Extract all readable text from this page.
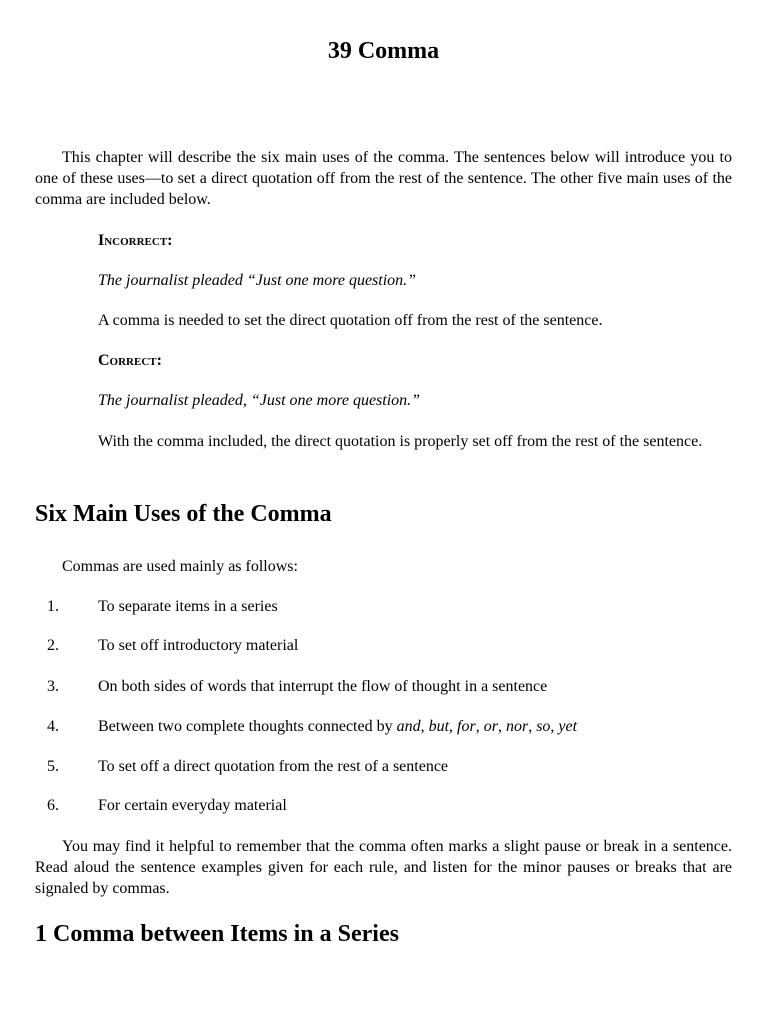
39 Comma

This chapter will describe the six main uses of the comma. The sentences below will introduce you to one of these uses—to set a direct quotation off from the rest of the sentence. The other five main uses of the comma are included below.

Incorrect:

The journalist pleaded “Just one more question.”

A comma is needed to set the direct quotation off from the rest of the sentence.

Correct:

The journalist pleaded, “Just one more question.”

With the comma included, the direct quotation is properly set off from the rest of the sentence.

Six Main Uses of the Comma

Commas are used mainly as follows:

1.	To separate items in a series
2.	To set off introductory material
3.	On both sides of words that interrupt the flow of thought in a sentence
4.	Between two complete thoughts connected by and, but, for, or, nor, so, yet
5.	To set off a direct quotation from the rest of a sentence
6.	For certain everyday material

You may find it helpful to remember that the comma often marks a slight pause or break in a sentence. Read aloud the sentence examples given for each rule, and listen for the minor pauses or breaks that are signaled by commas.

1 Comma between Items in a Series
